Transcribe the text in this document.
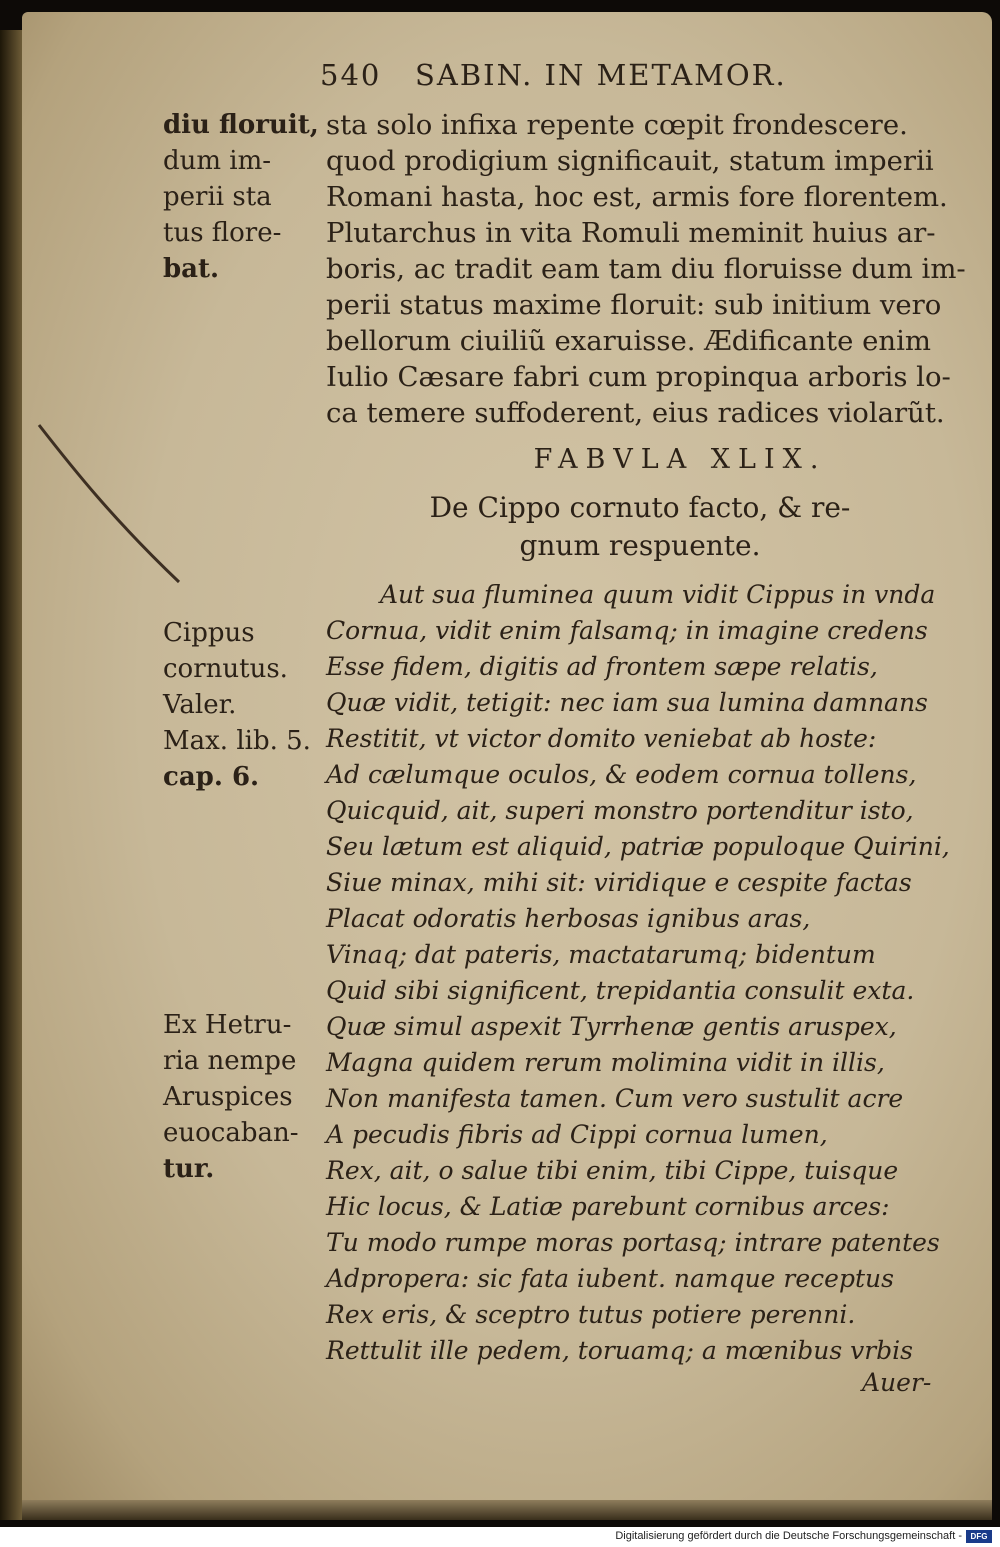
540 SABIN. IN METAMOR.
diu floruit,
dum im-
perii sta
tus flore-
bat.
sta solo infixa repente cœpit frondescere.
quod prodigium significauit, statum imperii
Romani hasta, hoc est, armis fore florentem.
Plutarchus in vita Romuli meminit huius ar-
boris, ac tradit eam tam diu floruisse dum im-
perii status maxime floruit: sub initium vero
bellorum ciuiliũ exaruisse. Ædificante enim
Iulio Cæsare fabri cum propinqua arboris lo-
ca temere suffoderent, eius radices violarũt.
FABVLA XLIX.
De Cippo cornuto facto, & re-
gnum respuente.
Cippus
cornutus.
Valer.
Max. lib. 5.
cap. 6.
Ex Hetru-
ria nempe
Aruspices
euocaban-
tur.
Aut sua fluminea quum vidit Cippus in vnda
Cornua, vidit enim falsamq; in imagine credens
Esse fidem, digitis ad frontem sæpe relatis,
Quæ vidit, tetigit: nec iam sua lumina damnans
Restitit, vt victor domito veniebat ab hoste:
Ad cælumque oculos, & eodem cornua tollens,
Quicquid, ait, superi monstro portenditur isto,
Seu lætum est aliquid, patriæ populoque Quirini,
Siue minax, mihi sit: viridique e cespite factas
Placat odoratis herbosas ignibus aras,
Vinaq; dat pateris, mactatarumq; bidentum
Quid sibi significent, trepidantia consulit exta.
Quæ simul aspexit Tyrrhenæ gentis aruspex,
Magna quidem rerum molimina vidit in illis,
Non manifesta tamen. Cum vero sustulit acre
A pecudis fibris ad Cippi cornua lumen,
Rex, ait, o salue tibi enim, tibi Cippe, tuisque
Hic locus, & Latiæ parebunt cornibus arces:
Tu modo rumpe moras portasq; intrare patentes
Adpropera: sic fata iubent. namque receptus
Rex eris, & sceptro tutus potiere perenni.
Rettulit ille pedem, toruamq; a mœnibus vrbis
Auer-
Digitalisierung gefördert durch die Deutsche Forschungsgemeinschaft -	DFG
